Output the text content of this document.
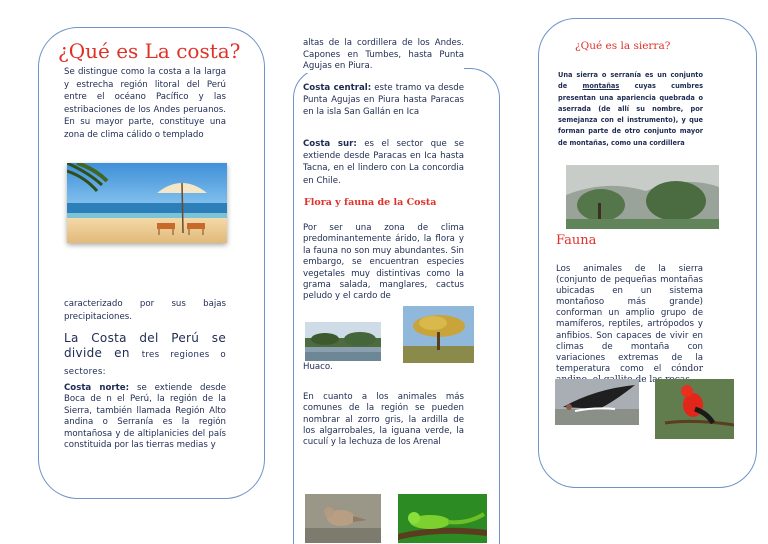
¿Qué es La costa?

Se distingue como la costa a la larga y estrecha región litoral del Perú entre el océano Pacífico y las estribaciones de los Andes peruanos. En su mayor parte, constituye una zona de clima cálido o templado

caracterizado por sus bajas precipitaciones.

La Costa del Perú se divide en tres regiones o sectores:

Costa norte: se extiende desde Boca de n el Perú, la región de la Sierra, también llamada Región Alto andina o Serranía es la región montañosa y de altiplanicies del país constituida por las tierras medias y

altas de la cordillera de los Andes. Capones en Tumbes, hasta Punta Agujas en Piura.

Costa central: este tramo va desde Punta Agujas en Piura hasta Paracas en la isla San Gallán en Ica

Costa sur: es el sector que se extiende desde Paracas en Ica hasta Tacna, en el lindero con La concordia en Chile.

Flora y fauna de la Costa

Por ser una zona de clima predominantemente árido, la flora y la fauna no son muy abundantes. Sin embargo, se encuentran especies vegetales muy distintivas como la grama salada, manglares, cactus peludo y el cardo de

Huaco.

En cuanto a los animales más comunes de la región se pueden nombrar al zorro gris, la ardilla de los algarrobales, la iguana verde, la cuculí y la lechuza de los Arenal

¿Qué es la sierra?

Una sierra o serranía es un conjunto de montañas cuyas cumbres presentan una apariencia quebrada o aserrada (de allí su nombre, por semejanza con el instrumento), y que forman parte de otro conjunto mayor de montañas, como una cordillera

Fauna

Los animales de la sierra (conjunto de pequeñas montañas ubicadas en un sistema montañoso más grande) conforman un amplio grupo de mamíferos, reptiles, artrópodos y anfibios. Son capaces de vivir en climas de montaña con variaciones extremas de la temperatura como el cóndor de
